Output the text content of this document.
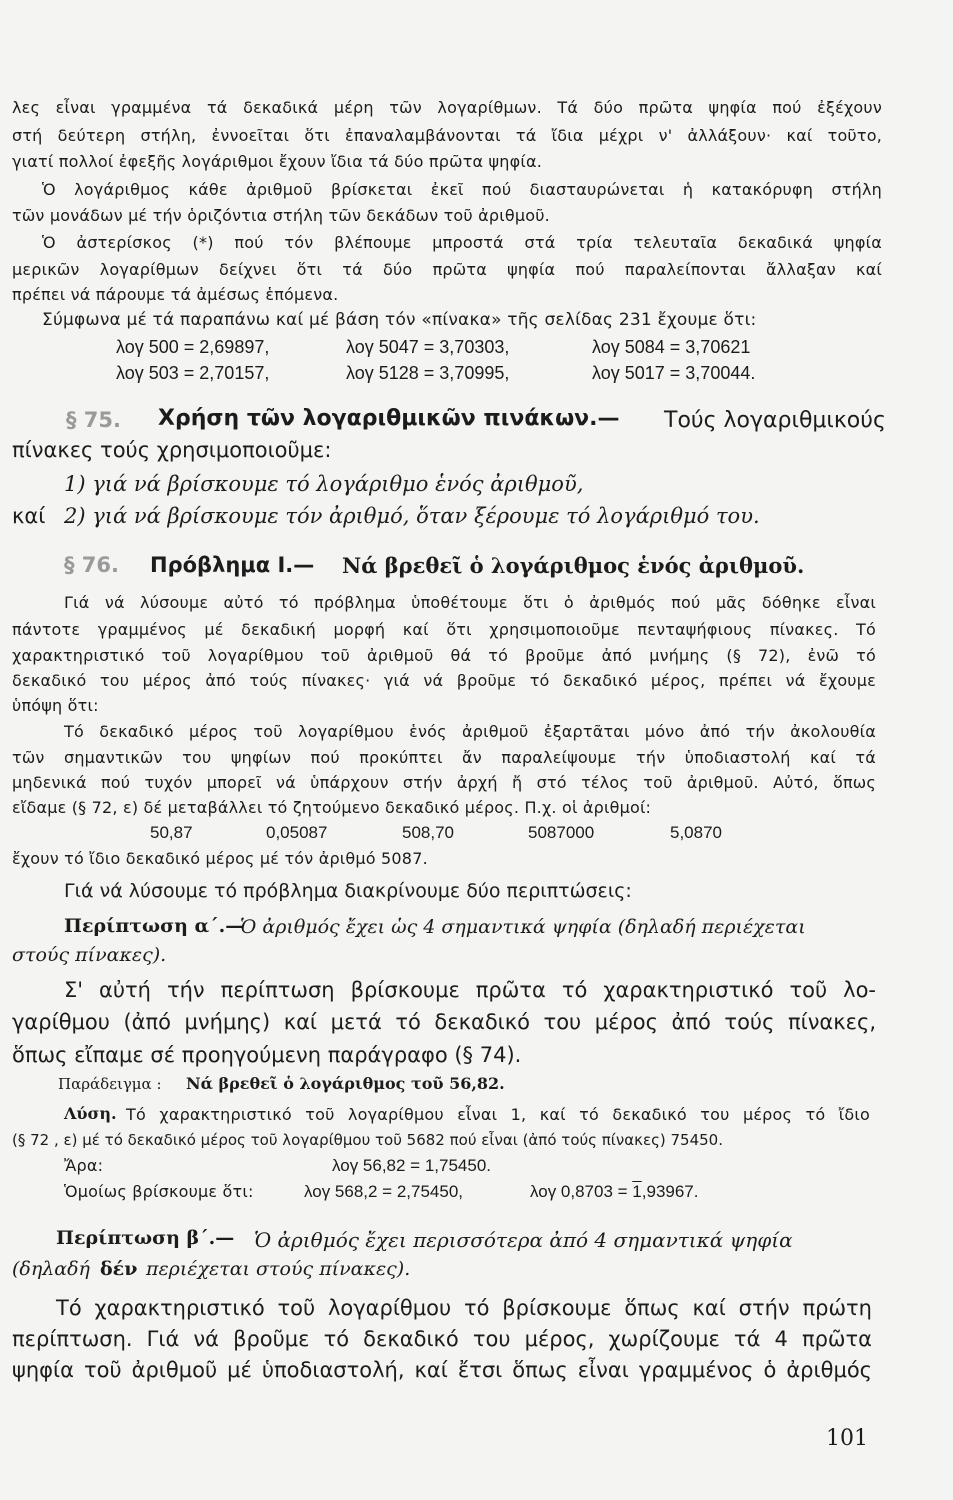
λες εἶναι γραμμένα τά δεκαδικά μέρη τῶν λογαρίθμων. Τά δύο πρῶτα ψηφία πού ἐξέχουν

στή δεύτερη στήλη, ἐννοεῖται ὅτι ἐπαναλαμβάνονται τά ἴδια μέχρι ν' ἀλλάξουν· καί τοῦτο,

γιατί πολλοί ἐφεξῆς λογάριθμοι ἔχουν ἴδια τά δύο πρῶτα ψηφία.

Ὁ λογάριθμος κάθε ἀριθμοῦ βρίσκεται ἐκεῖ πού διασταυρώνεται ἡ κατακόρυφη στήλη

τῶν μονάδων μέ τήν ὁριζόντια στήλη τῶν δεκάδων τοῦ ἀριθμοῦ.

Ὁ ἀστερίσκος (*) πού τόν βλέπουμε μπροστά στά τρία τελευταῖα δεκαδικά ψηφία

μερικῶν λογαρίθμων δείχνει ὅτι τά δύο πρῶτα ψηφία πού παραλείπονται ἄλλαξαν καί

πρέπει νά πάρουμε τά ἀμέσως ἑπόμενα.

Σύμφωνα μέ τά παραπάνω καί μέ βάση τόν «πίνακα» τῆς σελίδας 231 ἔχουμε ὅτι:

λογ 500 = 2,69897,	λογ 5047 = 3,70303,	λογ 5084 = 3,70621
λογ 503 = 2,70157,	λογ 5128 = 3,70995,	λογ 5017 = 3,70044.
§ 75. Χρήση τῶν λογαριθμικῶν πινάκων.— Τούς λογαριθμικούς

πίνακες τούς χρησιμοποιοῦμε:

1) γιά νά βρίσκουμε τό λογάριθμο ἑνός ἀριθμοῦ,

καί 2) γιά νά βρίσκουμε τόν ἀριθμό, ὅταν ξέρουμε τό λογάριθμό του.
§ 76. Πρόβλημα Ι.— Νά βρεθεῖ ὁ λογάριθμος ἑνός ἀριθμοῦ.

Γιά νά λύσουμε αὐτό τό πρόβλημα ὑποθέτουμε ὅτι ὁ ἀριθμός πού μᾶς δόθηκε εἶναι

πάντοτε γραμμένος μέ δεκαδική μορφή καί ὅτι χρησιμοποιοῦμε πενταψήφιους πίνακες. Τό

χαρακτηριστικό τοῦ λογαρίθμου τοῦ ἀριθμοῦ θά τό βροῦμε ἀπό μνήμης (§ 72), ἐνῶ τό

δεκαδικό του μέρος ἀπό τούς πίνακες· γιά νά βροῦμε τό δεκαδικό μέρος, πρέπει νά ἔχουμε

ὑπόψη ὅτι:

Τό δεκαδικό μέρος τοῦ λογαρίθμου ἑνός ἀριθμοῦ ἐξαρτᾶται μόνο ἀπό τήν ἀκολουθία

τῶν σημαντικῶν του ψηφίων πού προκύπτει ἄν παραλείψουμε τήν ὑποδιαστολή καί τά

μηδενικά πού τυχόν μπορεῖ νά ὑπάρχουν στήν ἀρχή ἤ στό τέλος τοῦ ἀριθμοῦ. Αὐτό, ὅπως

εἴδαμε (§ 72, ε) δέ μεταβάλλει τό ζητούμενο δεκαδικό μέρος. Π.χ. οἱ ἀριθμοί:

50,87	0,05087	508,70	5087000	5,0870

ἔχουν τό ἴδιο δεκαδικό μέρος μέ τόν ἀριθμό 5087.

Γιά νά λύσουμε τό πρόβλημα διακρίνουμε δύο περιπτώσεις:

Περίπτωση α΄.—
Ὁ ἀριθμός ἔχει ὡς 4 σημαντικά ψηφία (δηλαδή περιέχεται

στούς πίνακες).

Σ' αὐτή τήν περίπτωση βρίσκουμε πρῶτα τό χαρακτηριστικό τοῦ λο-

γαρίθμου (ἀπό μνήμης) καί μετά τό δεκαδικό του μέρος ἀπό τούς πίνακες,

ὅπως εἴπαμε σέ προηγούμενη παράγραφο (§ 74).

Παράδειγμα : Νά βρεθεῖ ὁ λογάριθμος τοῦ 56,82.
Λύση. Τό χαρακτηριστικό τοῦ λογαρίθμου εἶναι 1, καί τό δεκαδικό του μέρος τό ἴδιο

(§ 72 , ε) μέ τό δεκαδικό μέρος τοῦ λογαρίθμου τοῦ 5682 πού εἶναι (ἀπό τούς πίνακες) 75450.

Ἄρα:	λογ 56,82 = 1,75450.
Ὁμοίως βρίσκουμε ὅτι:	λογ 568,2 = 2,75450,	λογ 0,8703 = 1,93967.
Περίπτωση β΄.— Ὁ ἀριθμός ἔχει περισσότερα ἀπό 4 σημαντικά ψηφία
(δηλαδή δέν περιέχεται στούς πίνακες).

Τό χαρακτηριστικό τοῦ λογαρίθμου τό βρίσκουμε ὅπως καί στήν πρώτη

περίπτωση. Γιά νά βροῦμε τό δεκαδικό του μέρος, χωρίζουμε τά 4 πρῶτα

ψηφία τοῦ ἀριθμοῦ μέ ὑποδιαστολή, καί ἔτσι ὅπως εἶναι γραμμένος ὁ ἀριθμός

101
